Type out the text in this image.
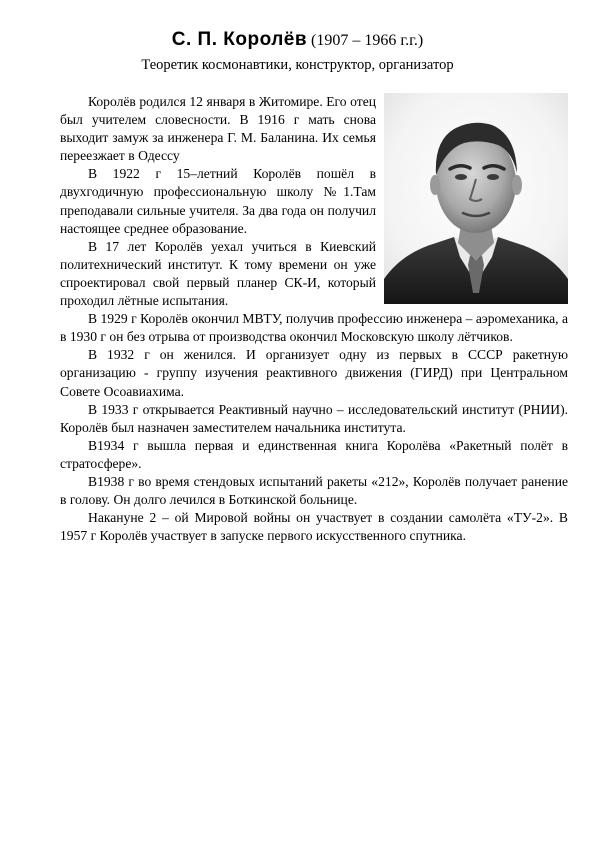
С. П. Королёв (1907 – 1966 г.г.)
Теоретик космонавтики, конструктор, организатор

Королёв родился 12 января в Житомире. Его отец был учителем словесности. В 1916 г мать снова выходит замуж за инженера Г. М. Баланина. Их семья переезжает в Одессу

В 1922 г 15–летний Королёв пошёл в двухгодичную профессиональную школу №1.Там преподавали сильные учителя. За два года он получил настоящее среднее образование.

В 17 лет Королёв уехал учиться в Киевский политехнический институт. К тому времени он уже спроектировал свой первый планер СК-И, который проходил лётные испытания.

В 1929 г Королёв окончил МВТУ, получив профессию инженера – аэромеханика, а в 1930 г он без отрыва от производства окончил Московскую школу лётчиков.

В 1932 г он женился. И организует одну из первых в СССР ракетную организацию - группу изучения реактивного движения (ГИРД) при Центральном Совете Осоавиахима.

В 1933 г открывается Реактивный научно – исследовательский институт (РНИИ). Королёв был назначен заместителем начальника института.

В1934 г вышла первая и единственная книга Королёва «Ракетный полёт в стратосфере».

В1938 г во время стендовых испытаний ракеты «212», Королёв получает ранение в голову. Он долго лечился в Боткинской больнице.

Накануне 2 – ой Мировой войны он участвует в создании самолёта «ТУ-2». В 1957 г Королёв участвует в запуске первого искусственного спутника.
